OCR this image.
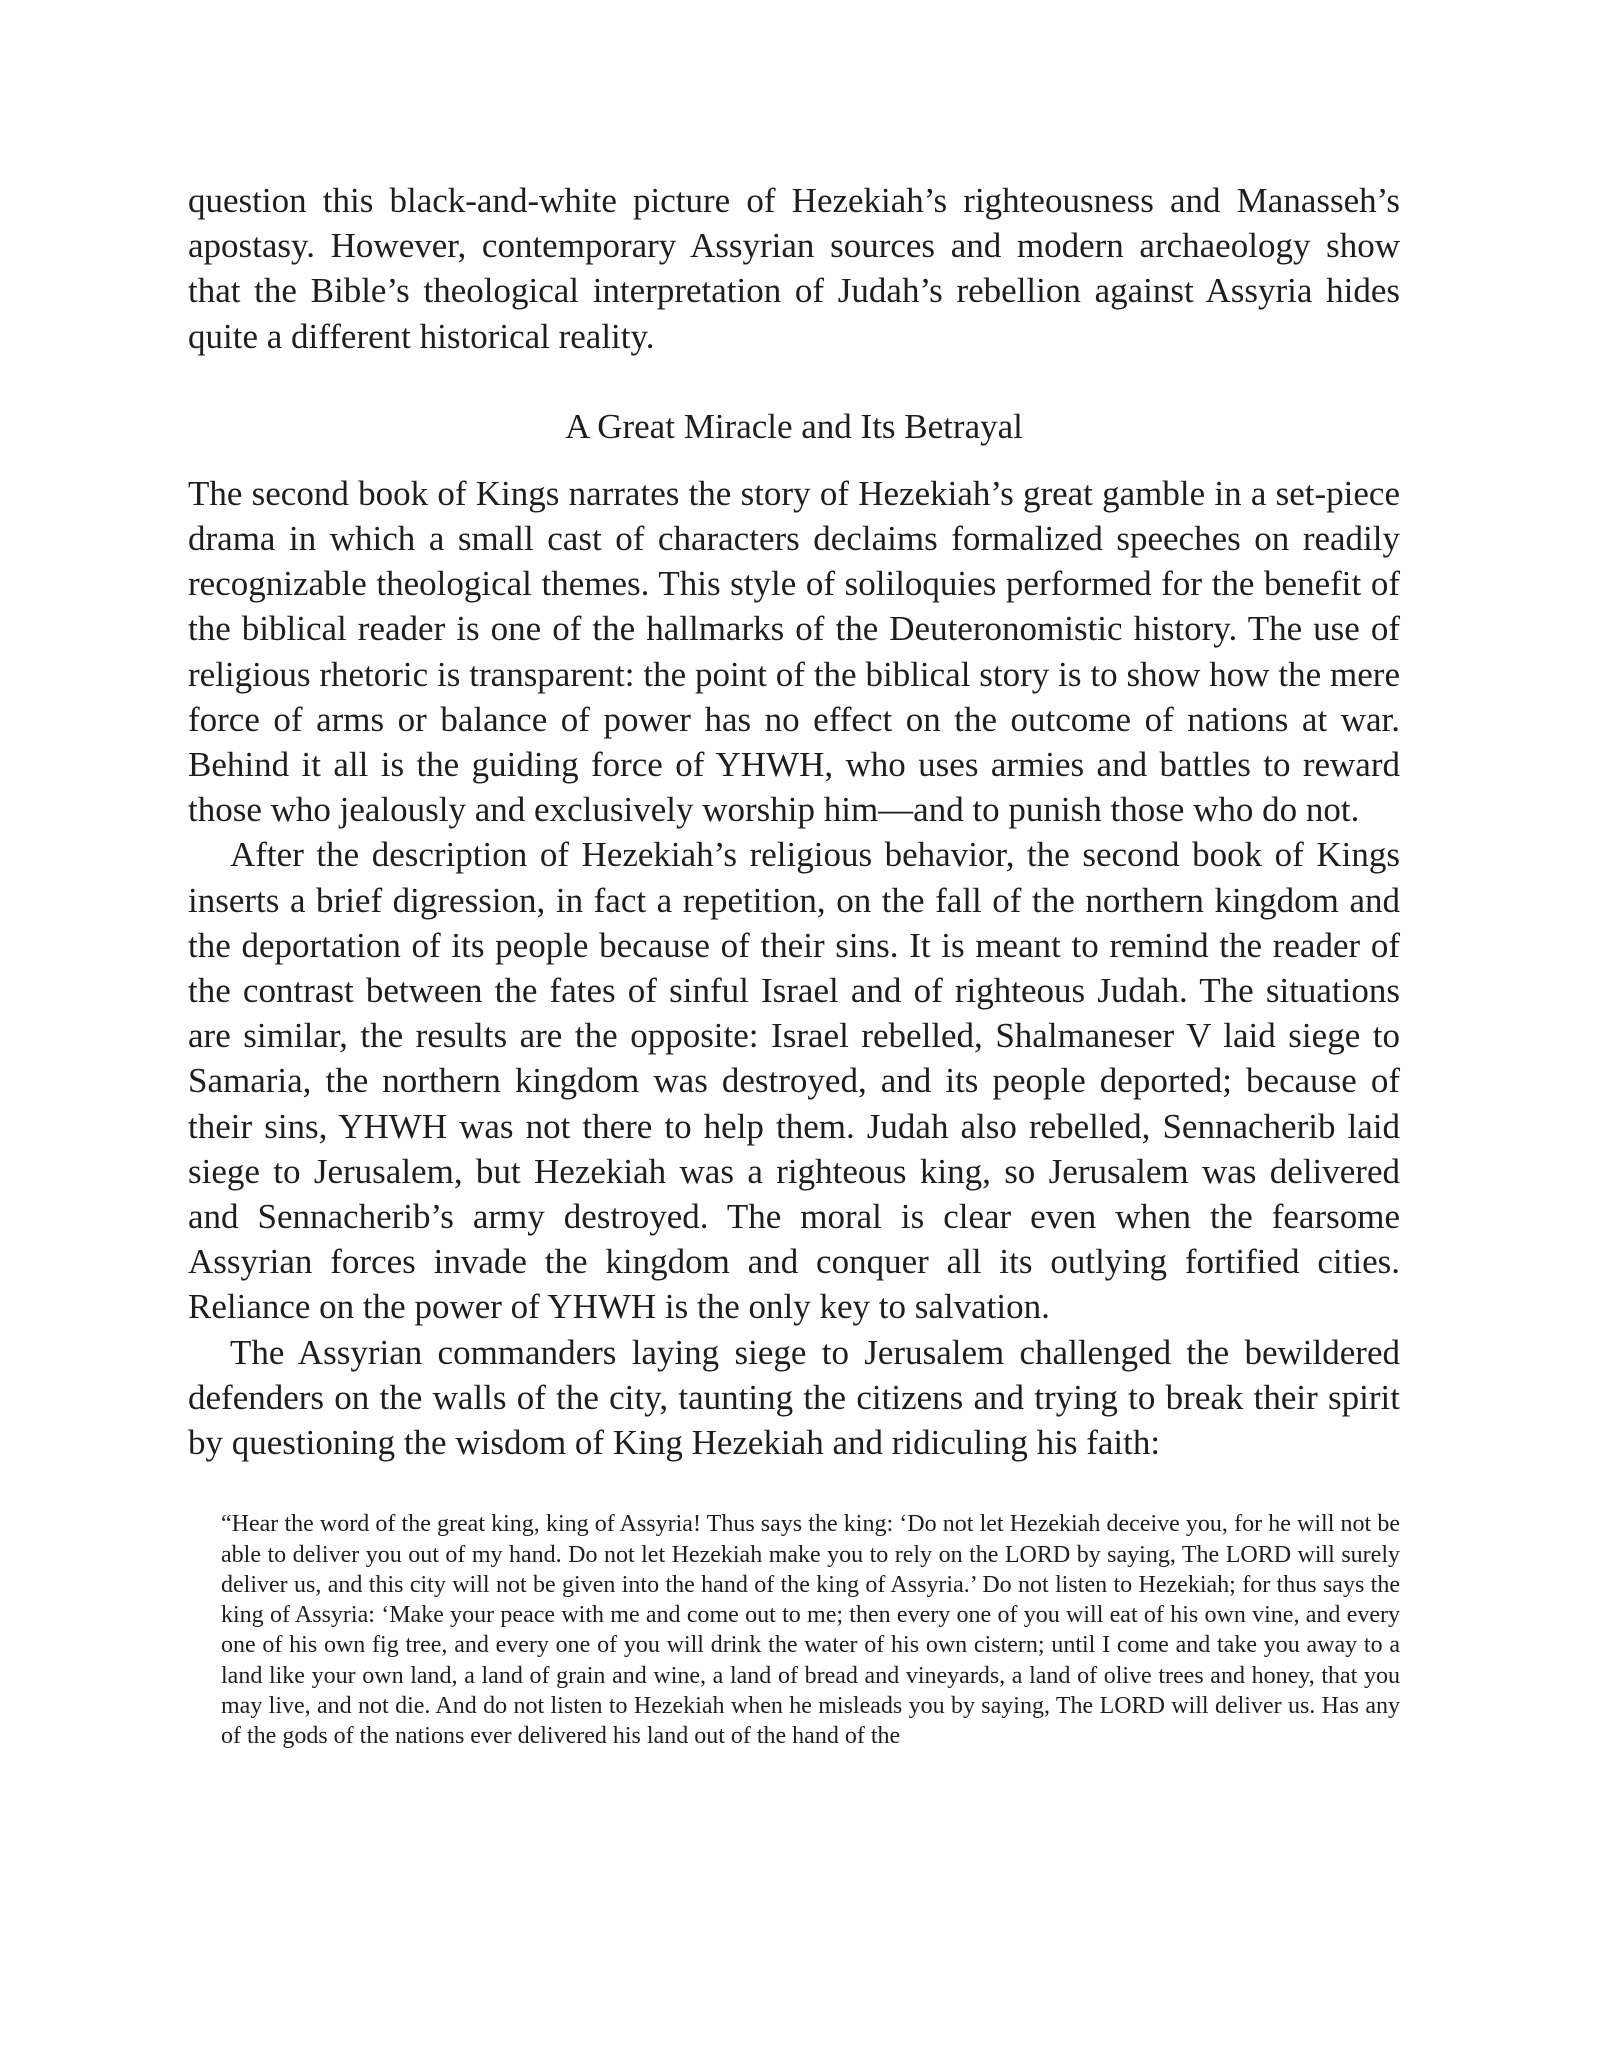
question this black-and-white picture of Hezekiah’s righteousness and Manasseh’s apostasy. However, contemporary Assyrian sources and modern archaeology show that the Bible’s theological interpretation of Judah’s rebellion against Assyria hides quite a different historical reality.

A Great Miracle and Its Betrayal

The second book of Kings narrates the story of Hezekiah’s great gamble in a set-piece drama in which a small cast of characters declaims formalized speeches on readily recognizable theological themes. This style of soliloquies performed for the benefit of the biblical reader is one of the hallmarks of the Deuteronomistic history. The use of religious rhetoric is transparent: the point of the biblical story is to show how the mere force of arms or balance of power has no effect on the outcome of nations at war. Behind it all is the guiding force of YHWH, who uses armies and battles to reward those who jealously and exclusively worship him—and to punish those who do not.

After the description of Hezekiah’s religious behavior, the second book of Kings inserts a brief digression, in fact a repetition, on the fall of the northern kingdom and the deportation of its people because of their sins. It is meant to remind the reader of the contrast between the fates of sinful Israel and of righteous Judah. The situations are similar, the results are the opposite: Israel rebelled, Shalmaneser V laid siege to Samaria, the northern kingdom was destroyed, and its people deported; because of their sins, YHWH was not there to help them. Judah also rebelled, Sennacherib laid siege to Jerusalem, but Hezekiah was a righteous king, so Jerusalem was delivered and Sennacherib’s army destroyed. The moral is clear even when the fearsome Assyrian forces invade the kingdom and conquer all its outlying fortified cities. Reliance on the power of YHWH is the only key to salvation.

The Assyrian commanders laying siege to Jerusalem challenged the bewildered defenders on the walls of the city, taunting the citizens and trying to break their spirit by questioning the wisdom of King Hezekiah and ridiculing his faith:

“Hear the word of the great king, king of Assyria! Thus says the king: ‘Do not let Hezekiah deceive you, for he will not be able to deliver you out of my hand. Do not let Hezekiah make you to rely on the LORD by saying, The LORD will surely deliver us, and this city will not be given into the hand of the king of Assyria.’ Do not listen to Hezekiah; for thus says the king of Assyria: ‘Make your peace with me and come out to me; then every one of you will eat of his own vine, and every one of his own fig tree, and every one of you will drink the water of his own cistern; until I come and take you away to a land like your own land, a land of grain and wine, a land of bread and vineyards, a land of olive trees and honey, that you may live, and not die. And do not listen to Hezekiah when he misleads you by saying, The LORD will deliver us. Has any of the gods of the nations ever delivered his land out of the hand of the
